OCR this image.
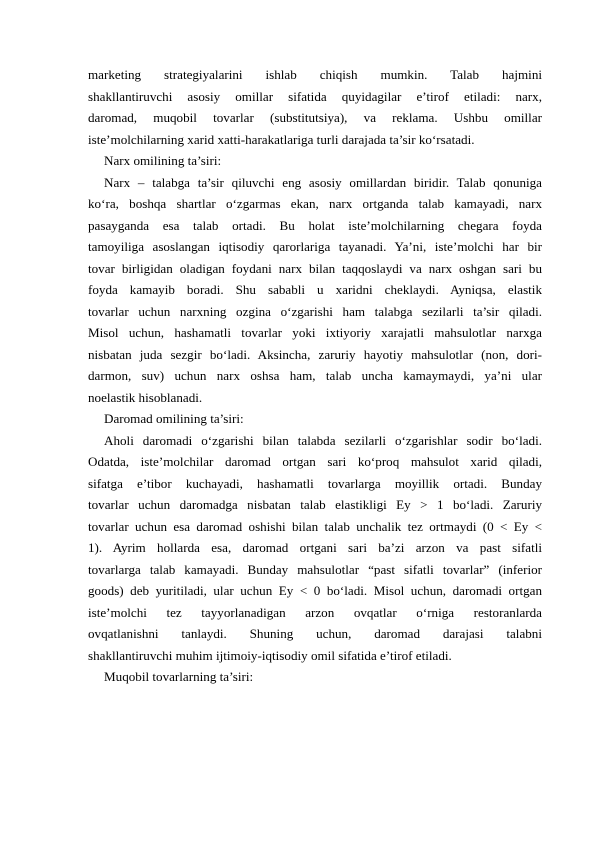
marketing strategiyalarini ishlab chiqish mumkin. Talab hajmini
shakllantiruvchi asosiy omillar sifatida quyidagilar e’tirof etiladi: narx,
daromad, muqobil tovarlar (substitutsiya), va reklama. Ushbu omillar
iste’molchilarning xarid xatti-harakatlariga turli darajada ta’sir ko‘rsatadi.
Narx omilining ta’siri:
Narx – talabga ta’sir qiluvchi eng asosiy omillardan biridir. Talab qonuniga
ko‘ra, boshqa shartlar o‘zgarmas ekan, narx ortganda talab kamayadi, narx
pasayganda esa talab ortadi. Bu holat iste’molchilarning chegara foyda
tamoyiliga asoslangan iqtisodiy qarorlariga tayanadi. Ya’ni, iste’molchi har bir
tovar birligidan oladigan foydani narx bilan taqqoslaydi va narx oshgan sari bu
foyda kamayib boradi. Shu sababli u xaridni cheklaydi. Ayniqsa, elastik
tovarlar uchun narxning ozgina o‘zgarishi ham talabga sezilarli ta’sir qiladi.
Misol uchun, hashamatli tovarlar yoki ixtiyoriy xarajatli mahsulotlar narxga
nisbatan juda sezgir bo‘ladi. Aksincha, zaruriy hayotiy mahsulotlar (non, dori-
darmon, suv) uchun narx oshsa ham, talab uncha kamaymaydi, ya’ni ular
noelastik hisoblanadi.
Daromad omilining ta’siri:
Aholi daromadi o‘zgarishi bilan talabda sezilarli o‘zgarishlar sodir bo‘ladi.
Odatda, iste’molchilar daromad ortgan sari ko‘proq mahsulot xarid qiladi,
sifatga e’tibor kuchayadi, hashamatli tovarlarga moyillik ortadi. Bunday
tovarlar uchun daromadga nisbatan talab elastikligi Ey > 1 bo‘ladi. Zaruriy
tovarlar uchun esa daromad oshishi bilan talab unchalik tez ortmaydi (0 < Ey <
1). Ayrim hollarda esa, daromad ortgani sari ba’zi arzon va past sifatli
tovarlarga talab kamayadi. Bunday mahsulotlar “past sifatli tovarlar” (inferior
goods) deb yuritiladi, ular uchun Ey < 0 bo‘ladi. Misol uchun, daromadi ortgan
iste’molchi tez tayyorlanadigan arzon ovqatlar o‘rniga restoranlarda
ovqatlanishni tanlaydi. Shuning uchun, daromad darajasi talabni
shakllantiruvchi muhim ijtimoiy-iqtisodiy omil sifatida e’tirof etiladi.
Muqobil tovarlarning ta’siri:
